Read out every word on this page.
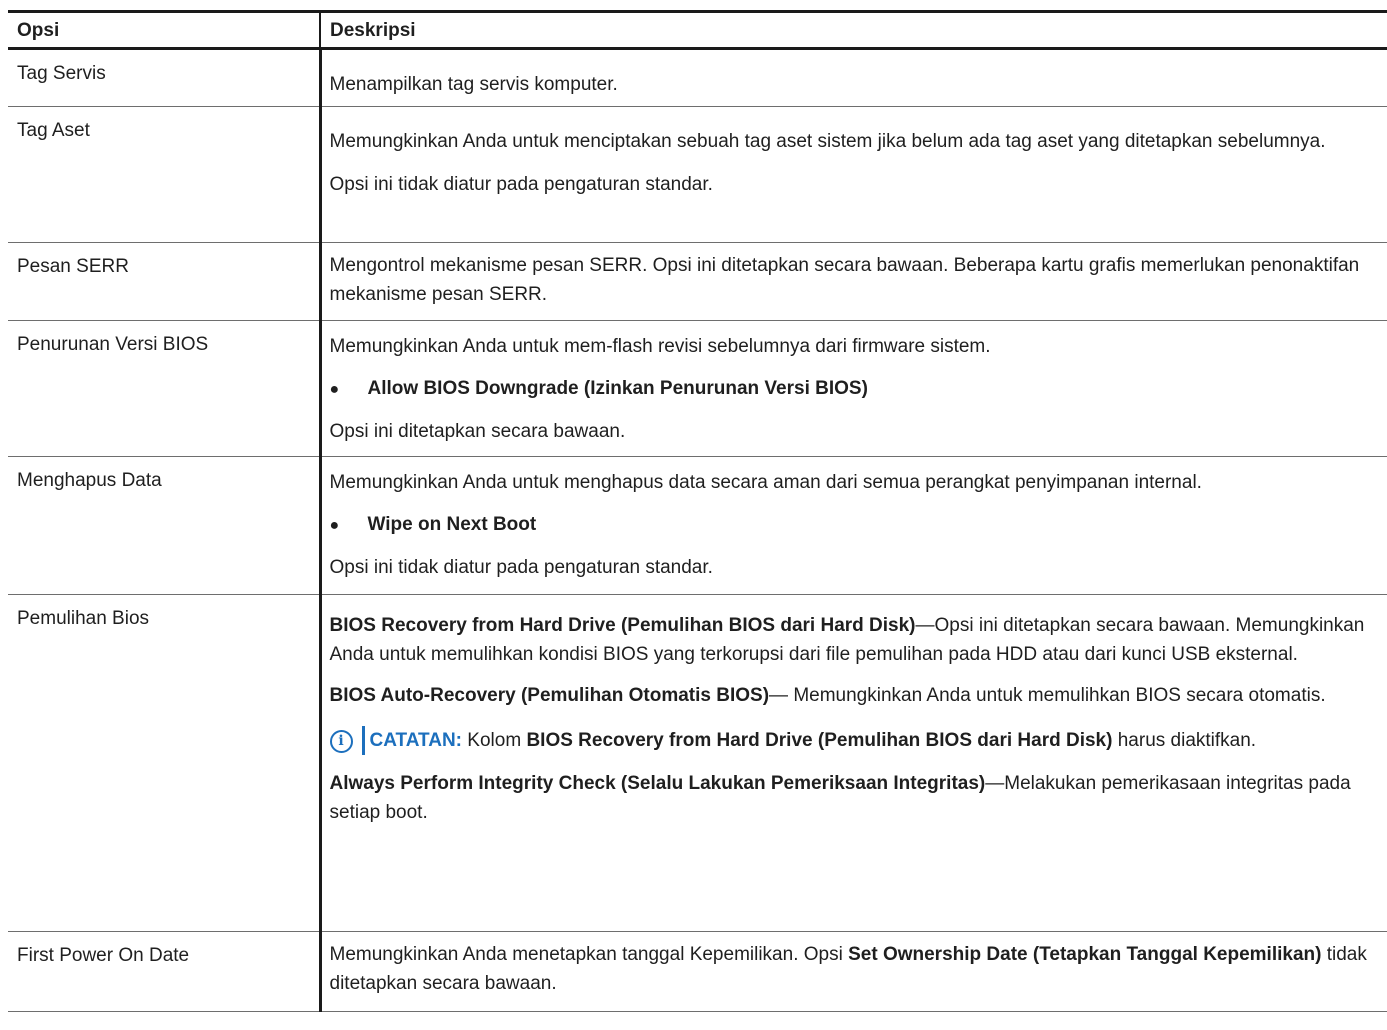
Opsi	Deskripsi
Tag Servis	Menampilkan tag servis komputer.

Tag Aset	Memungkinkan Anda untuk menciptakan sebuah tag aset sistem jika belum ada tag aset yang ditetapkan sebelumnya.

Opsi ini tidak diatur pada pengaturan standar.

Pesan SERR	Mengontrol mekanisme pesan SERR. Opsi ini ditetapkan secara bawaan. Beberapa kartu grafis memerlukan penonaktifan mekanisme pesan SERR.

Penurunan Versi BIOS	Memungkinkan Anda untuk mem-flash revisi sebelumnya dari firmware sistem.

● Allow BIOS Downgrade (Izinkan Penurunan Versi BIOS)

Opsi ini ditetapkan secara bawaan.

Menghapus Data	Memungkinkan Anda untuk menghapus data secara aman dari semua perangkat penyimpanan internal.

● Wipe on Next Boot

Opsi ini tidak diatur pada pengaturan standar.

Pemulihan Bios	BIOS Recovery from Hard Drive (Pemulihan BIOS dari Hard Disk)—Opsi ini ditetapkan secara bawaan. Memungkinkan Anda untuk memulihkan kondisi BIOS yang terkorupsi dari file pemulihan pada HDD atau dari kunci USB eksternal.

BIOS Auto-Recovery (Pemulihan Otomatis BIOS)— Memungkinkan Anda untuk memulihkan BIOS secara otomatis.

i CATATAN: Kolom BIOS Recovery from Hard Drive (Pemulihan BIOS dari Hard Disk) harus diaktifkan.

Always Perform Integrity Check (Selalu Lakukan Pemeriksaan Integritas)—Melakukan pemerikasaan integritas pada setiap boot.

First Power On Date	Memungkinkan Anda menetapkan tanggal Kepemilikan. Opsi Set Ownership Date (Tetapkan Tanggal Kepemilikan) tidak ditetapkan secara bawaan.
